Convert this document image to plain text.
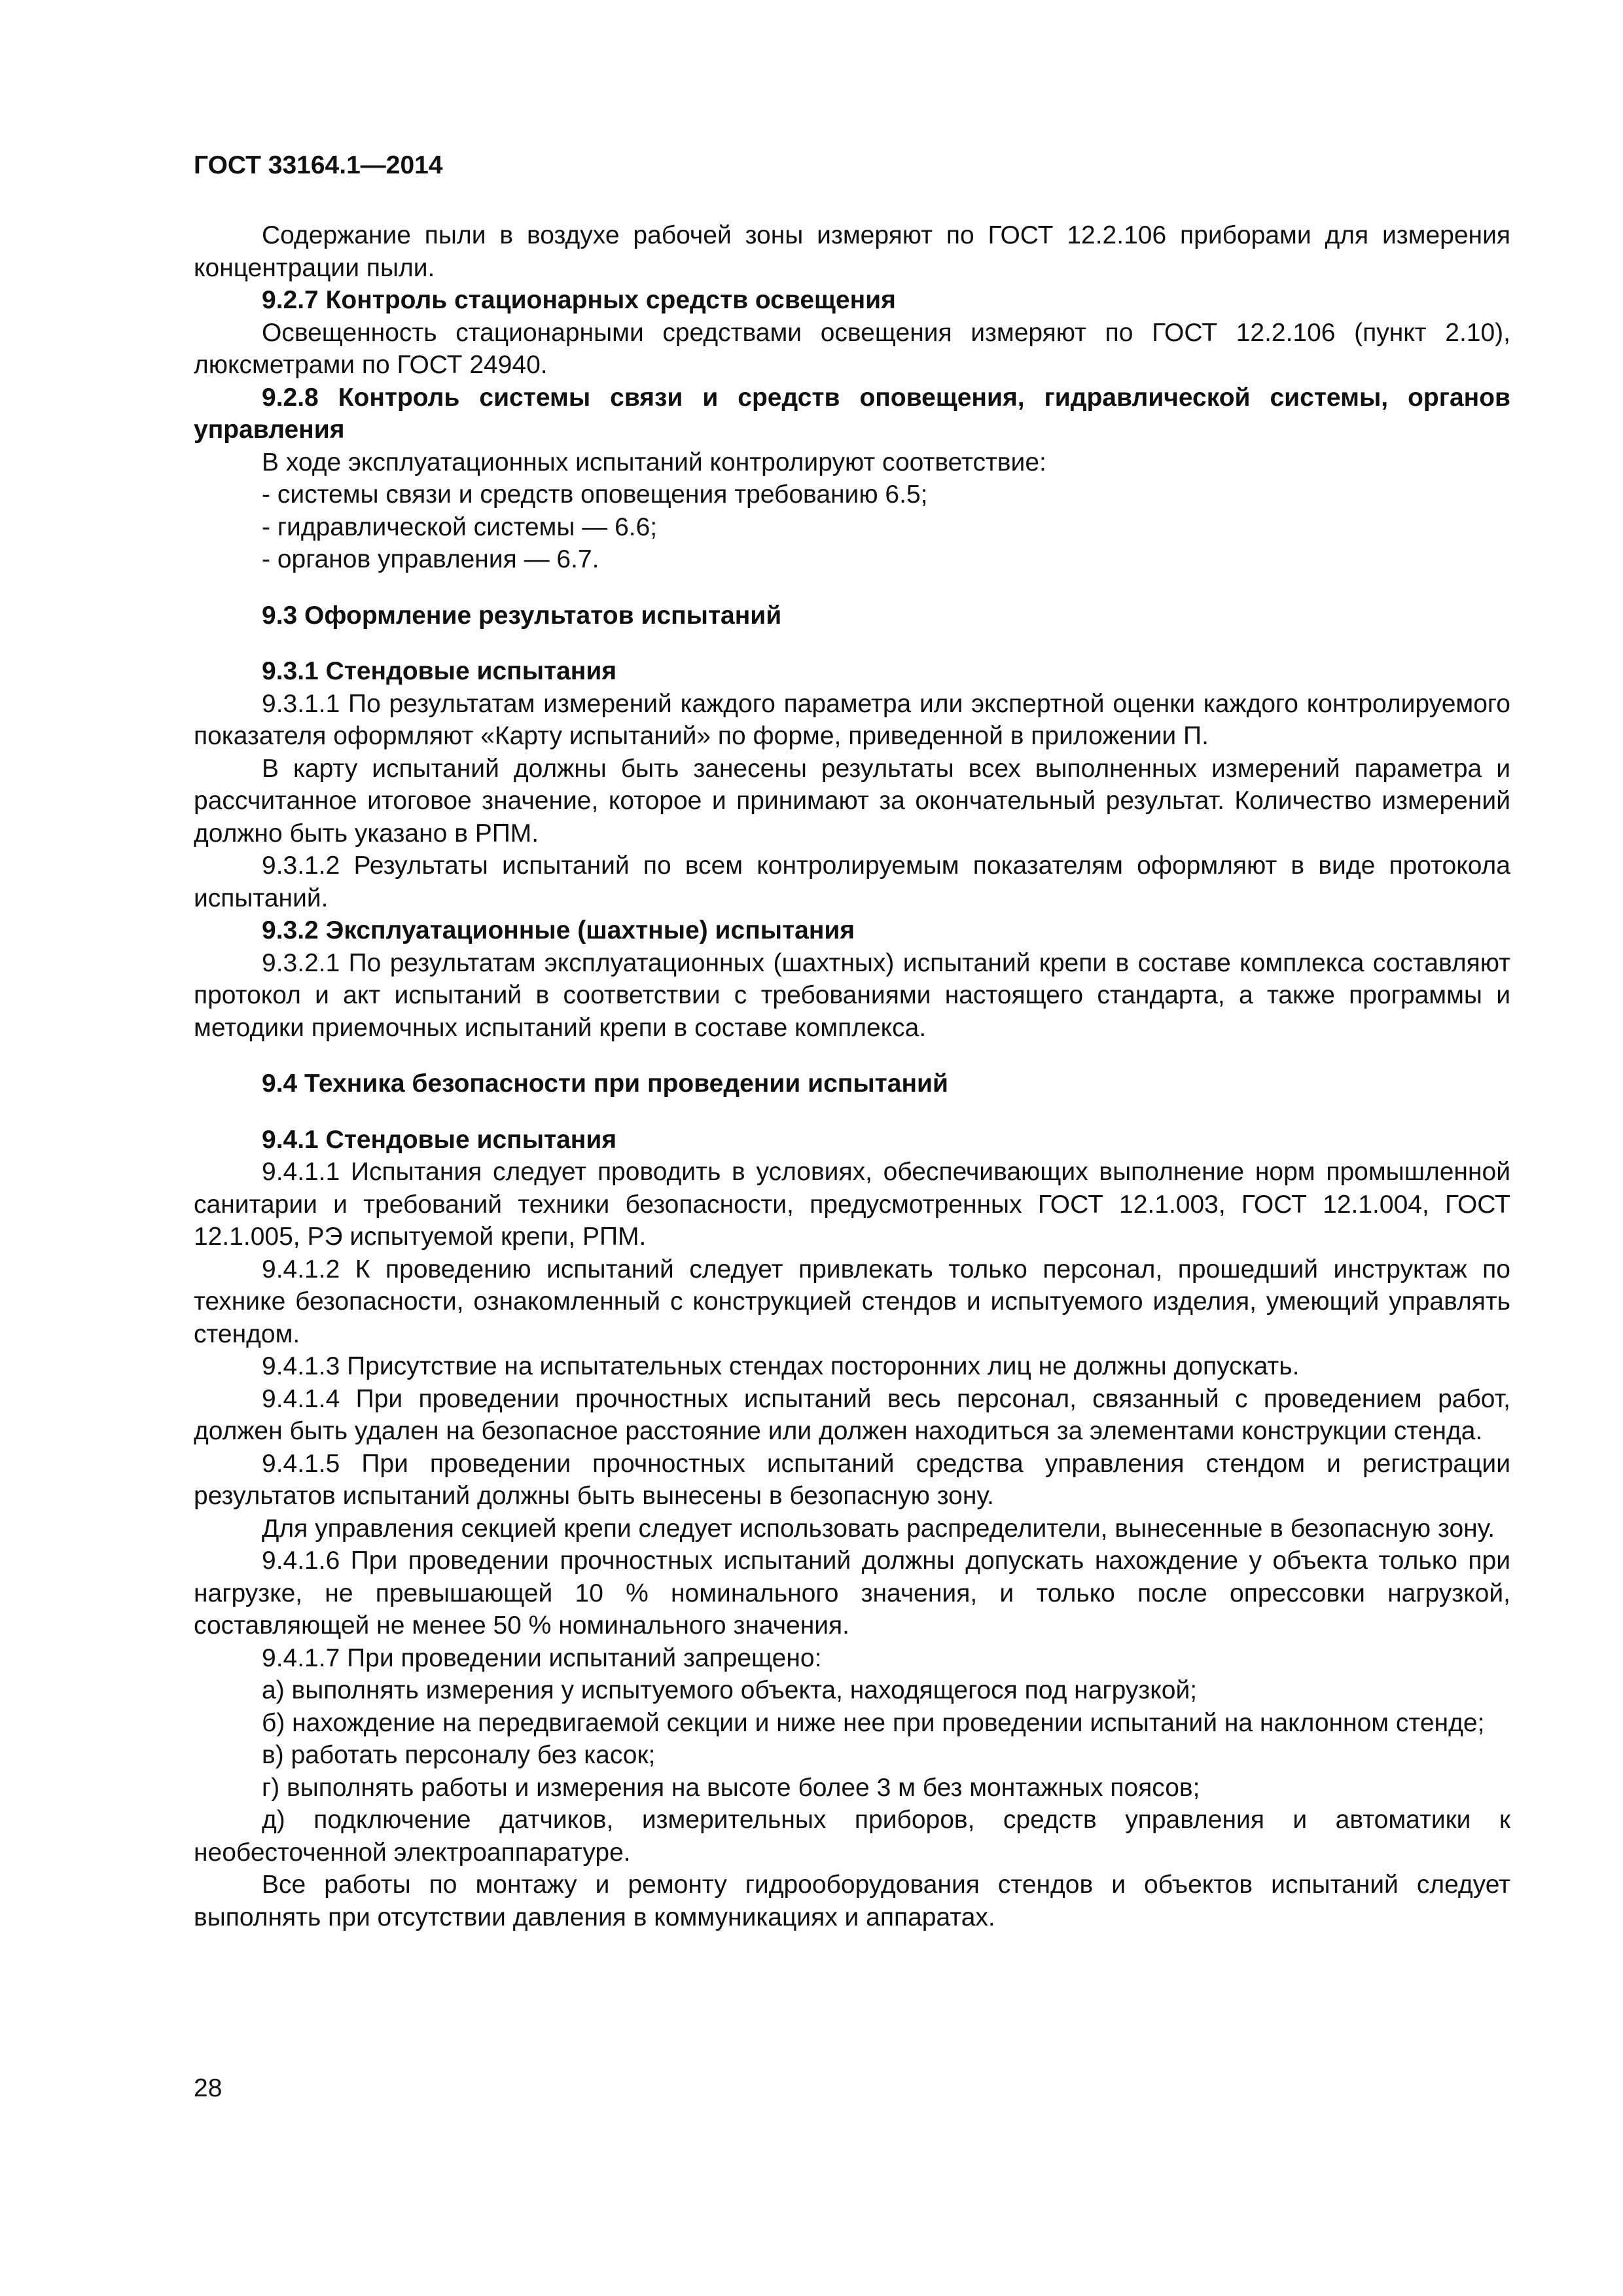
ГОСТ 33164.1—2014

Содержание пыли в воздухе рабочей зоны измеряют по ГОСТ 12.2.106 приборами для измерения концентрации пыли.

9.2.7 Контроль стационарных средств освещения

Освещенность стационарными средствами освещения измеряют по ГОСТ 12.2.106 (пункт 2.10), люксметрами по ГОСТ 24940.

9.2.8 Контроль системы связи и средств оповещения, гидравлической системы, органов управления

В ходе эксплуатационных испытаний контролируют соответствие:

- системы связи и средств оповещения требованию 6.5;

- гидравлической системы — 6.6;

- органов управления — 6.7.

9.3 Оформление результатов испытаний

9.3.1 Стендовые испытания

9.3.1.1 По результатам измерений каждого параметра или экспертной оценки каждого контролируемого показателя оформляют «Карту испытаний» по форме, приведенной в приложении П.

В карту испытаний должны быть занесены результаты всех выполненных измерений параметра и рассчитанное итоговое значение, которое и принимают за окончательный результат. Количество измерений должно быть указано в РПМ.

9.3.1.2 Результаты испытаний по всем контролируемым показателям оформляют в виде протокола испытаний.

9.3.2 Эксплуатационные (шахтные) испытания

9.3.2.1 По результатам эксплуатационных (шахтных) испытаний крепи в составе комплекса составляют протокол и акт испытаний в соответствии с требованиями настоящего стандарта, а также программы и методики приемочных испытаний крепи в составе комплекса.

9.4 Техника безопасности при проведении испытаний

9.4.1 Стендовые испытания

9.4.1.1 Испытания следует проводить в условиях, обеспечивающих выполнение норм промышленной санитарии и требований техники безопасности, предусмотренных ГОСТ 12.1.003, ГОСТ 12.1.004, ГОСТ 12.1.005, РЭ испытуемой крепи, РПМ.

9.4.1.2 К проведению испытаний следует привлекать только персонал, прошедший инструктаж по технике безопасности, ознакомленный с конструкцией стендов и испытуемого изделия, умеющий управлять стендом.

9.4.1.3 Присутствие на испытательных стендах посторонних лиц не должны допускать.

9.4.1.4 При проведении прочностных испытаний весь персонал, связанный с проведением работ, должен быть удален на безопасное расстояние или должен находиться за элементами конструкции стенда.

9.4.1.5 При проведении прочностных испытаний средства управления стендом и регистрации результатов испытаний должны быть вынесены в безопасную зону.

Для управления секцией крепи следует использовать распределители, вынесенные в безопасную зону.

9.4.1.6 При проведении прочностных испытаний должны допускать нахождение у объекта только при нагрузке, не превышающей 10 % номинального значения, и только после опрессовки нагрузкой, составляющей не менее 50 % номинального значения.

9.4.1.7 При проведении испытаний запрещено:

а) выполнять измерения у испытуемого объекта, находящегося под нагрузкой;

б) нахождение на передвигаемой секции и ниже нее при проведении испытаний на наклонном стенде;

в) работать персоналу без касок;

г) выполнять работы и измерения на высоте более 3 м без монтажных поясов;

д) подключение датчиков, измерительных приборов, средств управления и автоматики к необесточенной электроаппаратуре.

Все работы по монтажу и ремонту гидрооборудования стендов и объектов испытаний следует выполнять при отсутствии давления в коммуникациях и аппаратах.

28
